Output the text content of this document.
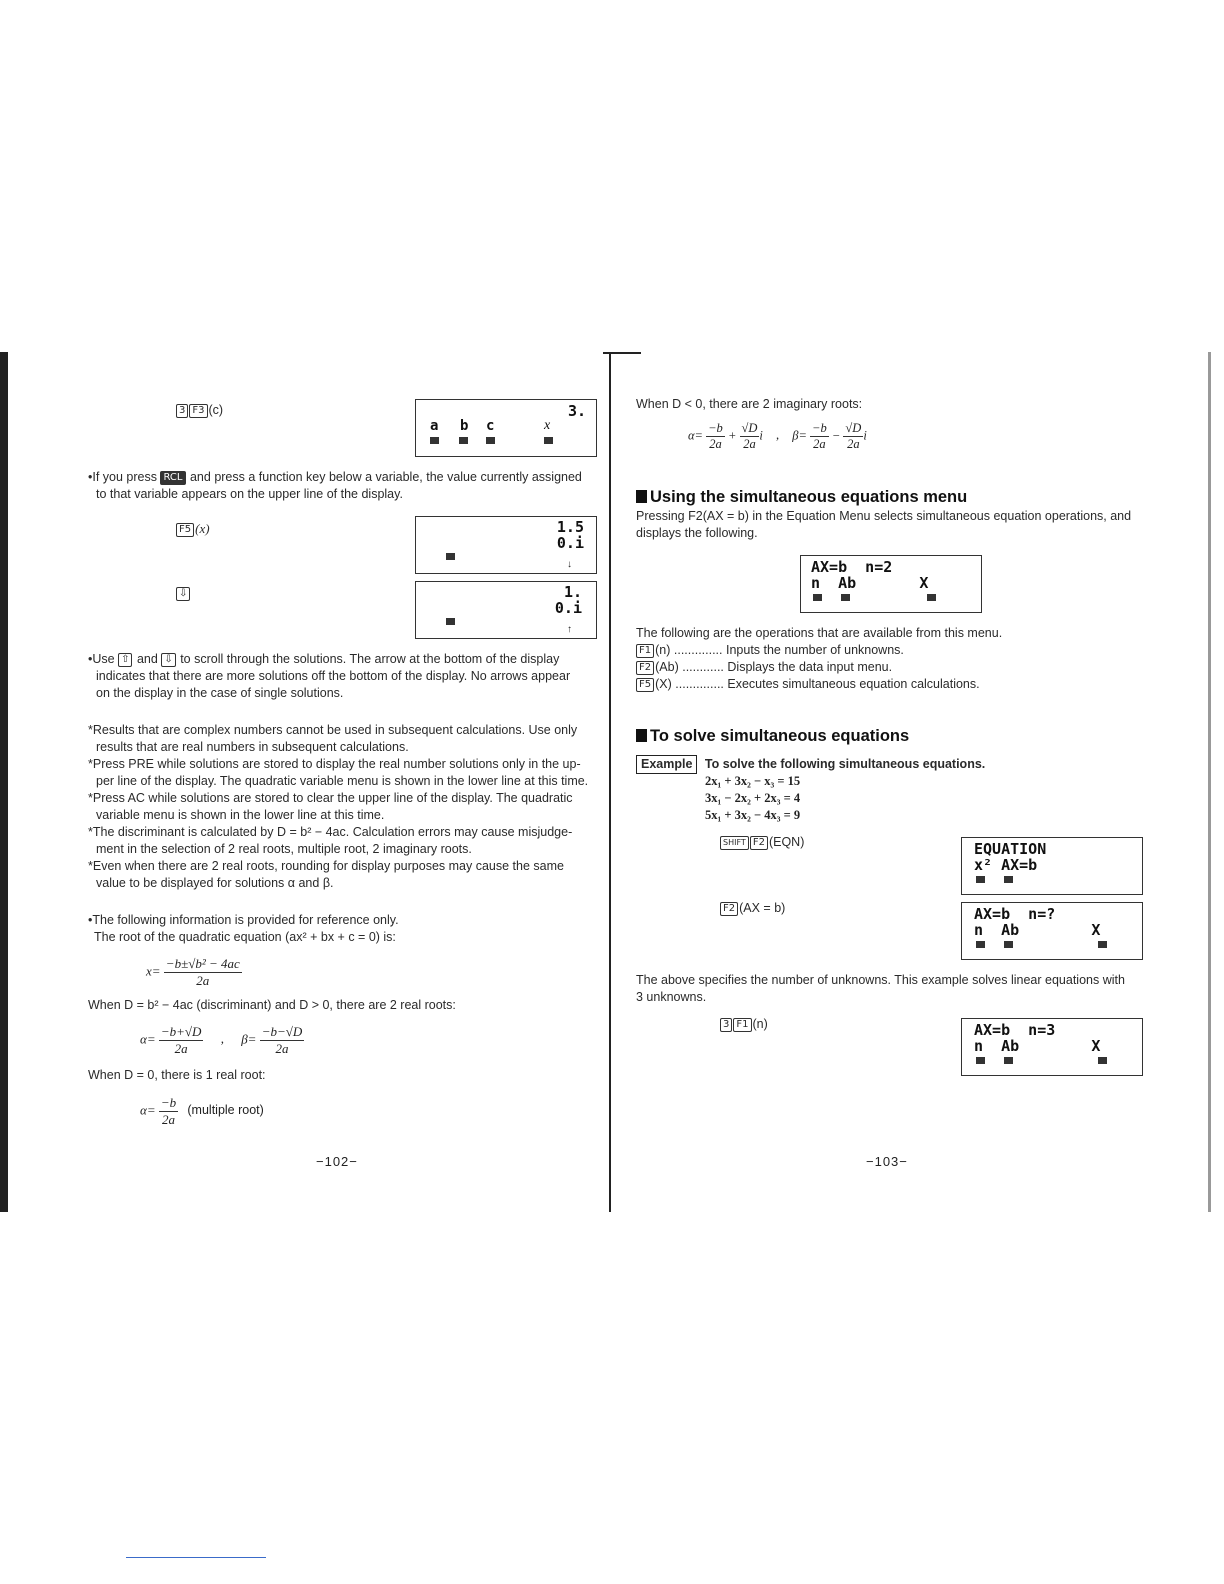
3 F3 (c)	3.
a b c	x
•If you press RCL and press a function key below a variable, the value currently assigned
to that variable appears on the upper line of the display.
F5 (x)	1.5
0.i
↓
⇩	1.
0.i
↑
•Use ⇧ and ⇩ to scroll through the solutions. The arrow at the bottom of the display
indicates that there are more solutions off the bottom of the display. No arrows appear
on the display in the case of single solutions.
*Results that are complex numbers cannot be used in subsequent calculations. Use only
results that are real numbers in subsequent calculations.
*Press PRE while solutions are stored to display the real number solutions only in the up-
per line of the display. The quadratic variable menu is shown in the lower line at this time.
*Press AC while solutions are stored to clear the upper line of the display. The quadratic
variable menu is shown in the lower line at this time.
*The discriminant is calculated by D = b² − 4ac. Calculation errors may cause misjudge-
ment in the selection of 2 real roots, multiple root, 2 imaginary roots.
*Even when there are 2 real roots, rounding for display purposes may cause the same
value to be displayed for solutions α and β.
•The following information is provided for reference only.
The root of the quadratic equation (ax² + bx + c = 0) is:
$x= \frac{\text{−b±√b² − 4ac}}{2a}$
When D = b² − 4ac (discriminant) and D > 0, there are 2 real roots:
$\alpha= \frac{-b+√D}{2a}$ , $\beta= \frac{-b-√D}{2a}$
When D = 0, there is 1 real root:
$\alpha= \frac{-b}{2a}$ (multiple root)
−102−
When D < 0, there are 2 imaginary roots:
$\alpha= \frac{-b}{2a} + \frac{√D}{2a}$ i , $\beta= \frac{-b}{2a} - \frac{√D}{2a}$ i
Using the simultaneous equations menu
Pressing F2(AX = b) in the Equation Menu selects simultaneous equation operations, and
displays the following.
AX=b  n=2
n  Ab       X
The following are the operations that are available from this menu.
F1 (n) .............. Inputs the number of unknowns.
F2 (Ab) ............ Displays the data input menu.
F5 (X) .............. Executes simultaneous equation calculations.
To solve simultaneous equations
Example To solve the following simultaneous equations.
2x₁ + 3x₂ − x₃ = 15
3x₁ − 2x₂ + 2x₃ = 4
5x₁ + 3x₂ − 4x₃ = 9
SHIFT F2 (EQN)	EQUATION
x² AX=b
F2 (AX = b)	AX=b  n=?
n  Ab        X
The above specifies the number of unknowns. This example solves linear equations with
3 unknowns.
3 F1 (n)	AX=b  n=3
n  Ab        X
−103−
